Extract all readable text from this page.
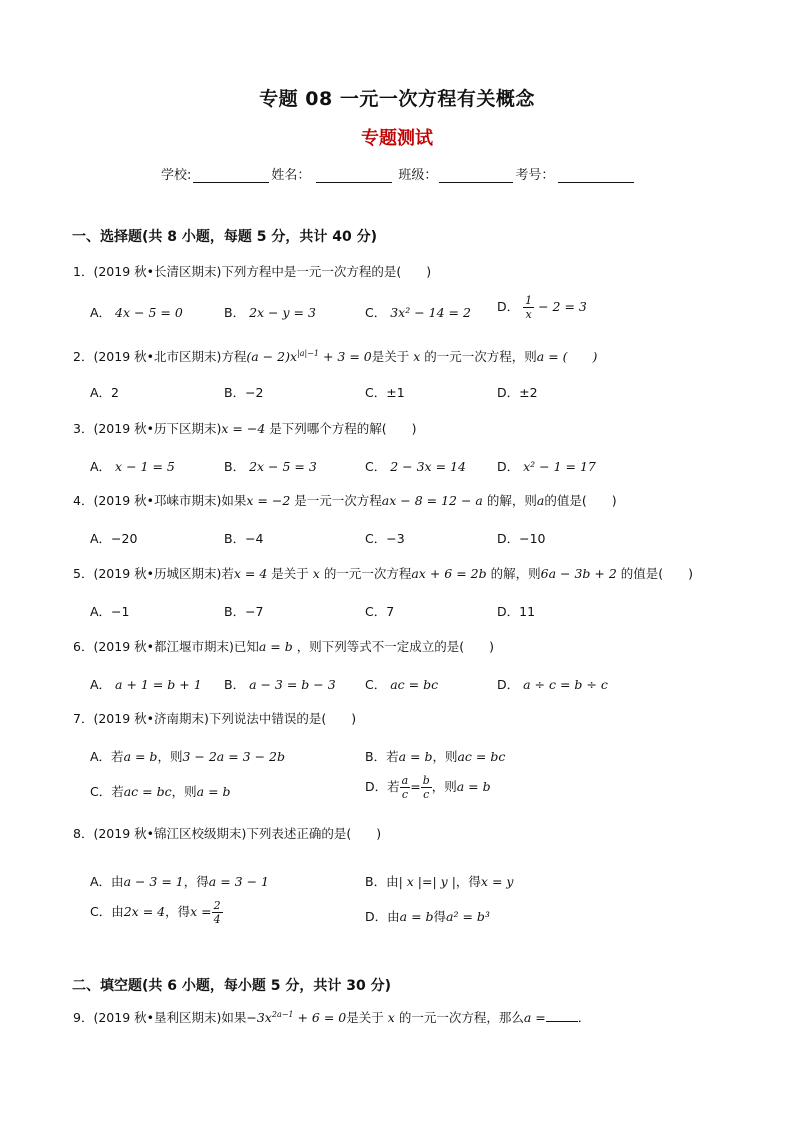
专题 08 一元一次方程有关概念
专题测试
学校:	姓名：	班级：	考号：
一、选择题(共 8 小题，每题 5 分，共计 40 分)
1．(2019 秋•长清区期末)下列方程中是一元一次方程的是(　　)
A． 4x − 5 = 0	B． 2x − y = 3	C． 3x² − 14 = 2 D． $\frac{1}{x} - 2 = 3$
2．(2019 秋•北市区期末)方程$(a - 2)x^{|a|-1} + 3 = 0$是关于 x 的一元一次方程，则a = (　　)
A．2	B．−2	C．±1	D．±2
3．(2019 秋•历下区期末)x = −4 是下列哪个方程的解(　　)
A． x − 1 = 5	B． 2x − 5 = 3	C． 2 − 3x = 14 D． x² − 1 = 17
4．(2019 秋•邛崃市期末)如果x = −2 是一元一次方程ax − 8 = 12 − a 的解，则a的值是(　　)
A．−20	B．−4	C．−3	D．−10
5．(2019 秋•历城区期末)若x = 4 是关于 x 的一元一次方程ax + 6 = 2b 的解，则6a − 3b + 2 的值是(　　)
A．−1	B．−7	C．7	D．11
6．(2019 秋•都江堰市期末)已知a = b ，则下列等式不一定成立的是(　　)
A． a + 1 = b + 1 B． a − 3 = b − 3 C． ac = bc	D． a ÷ c = b ÷ c
7．(2019 秋•济南期末)下列说法中错误的是(　　)
A．若a = b，则3 − 2a = 3 − 2b	B．若a = b，则ac = bc
C．若ac = bc，则a = b	D．若 $\frac{a}{c} = \frac{b}{c}$ ，则a = b
8．(2019 秋•锦江区校级期末)下列表述正确的是(　　)
A．由a − 3 = 1，得a = 3 − 1	B．由| x |=| y |，得x = y
C．由2x = 4，得$x = \frac{2}{4}$	D．由a = b得a² = b³
二、填空题(共 6 小题，每小题 5 分，共计 30 分)
9．(2019 秋•垦利区期末)如果$-3x^{2a-1} + 6 = 0$是关于 x 的一元一次方程，那么a =	．
